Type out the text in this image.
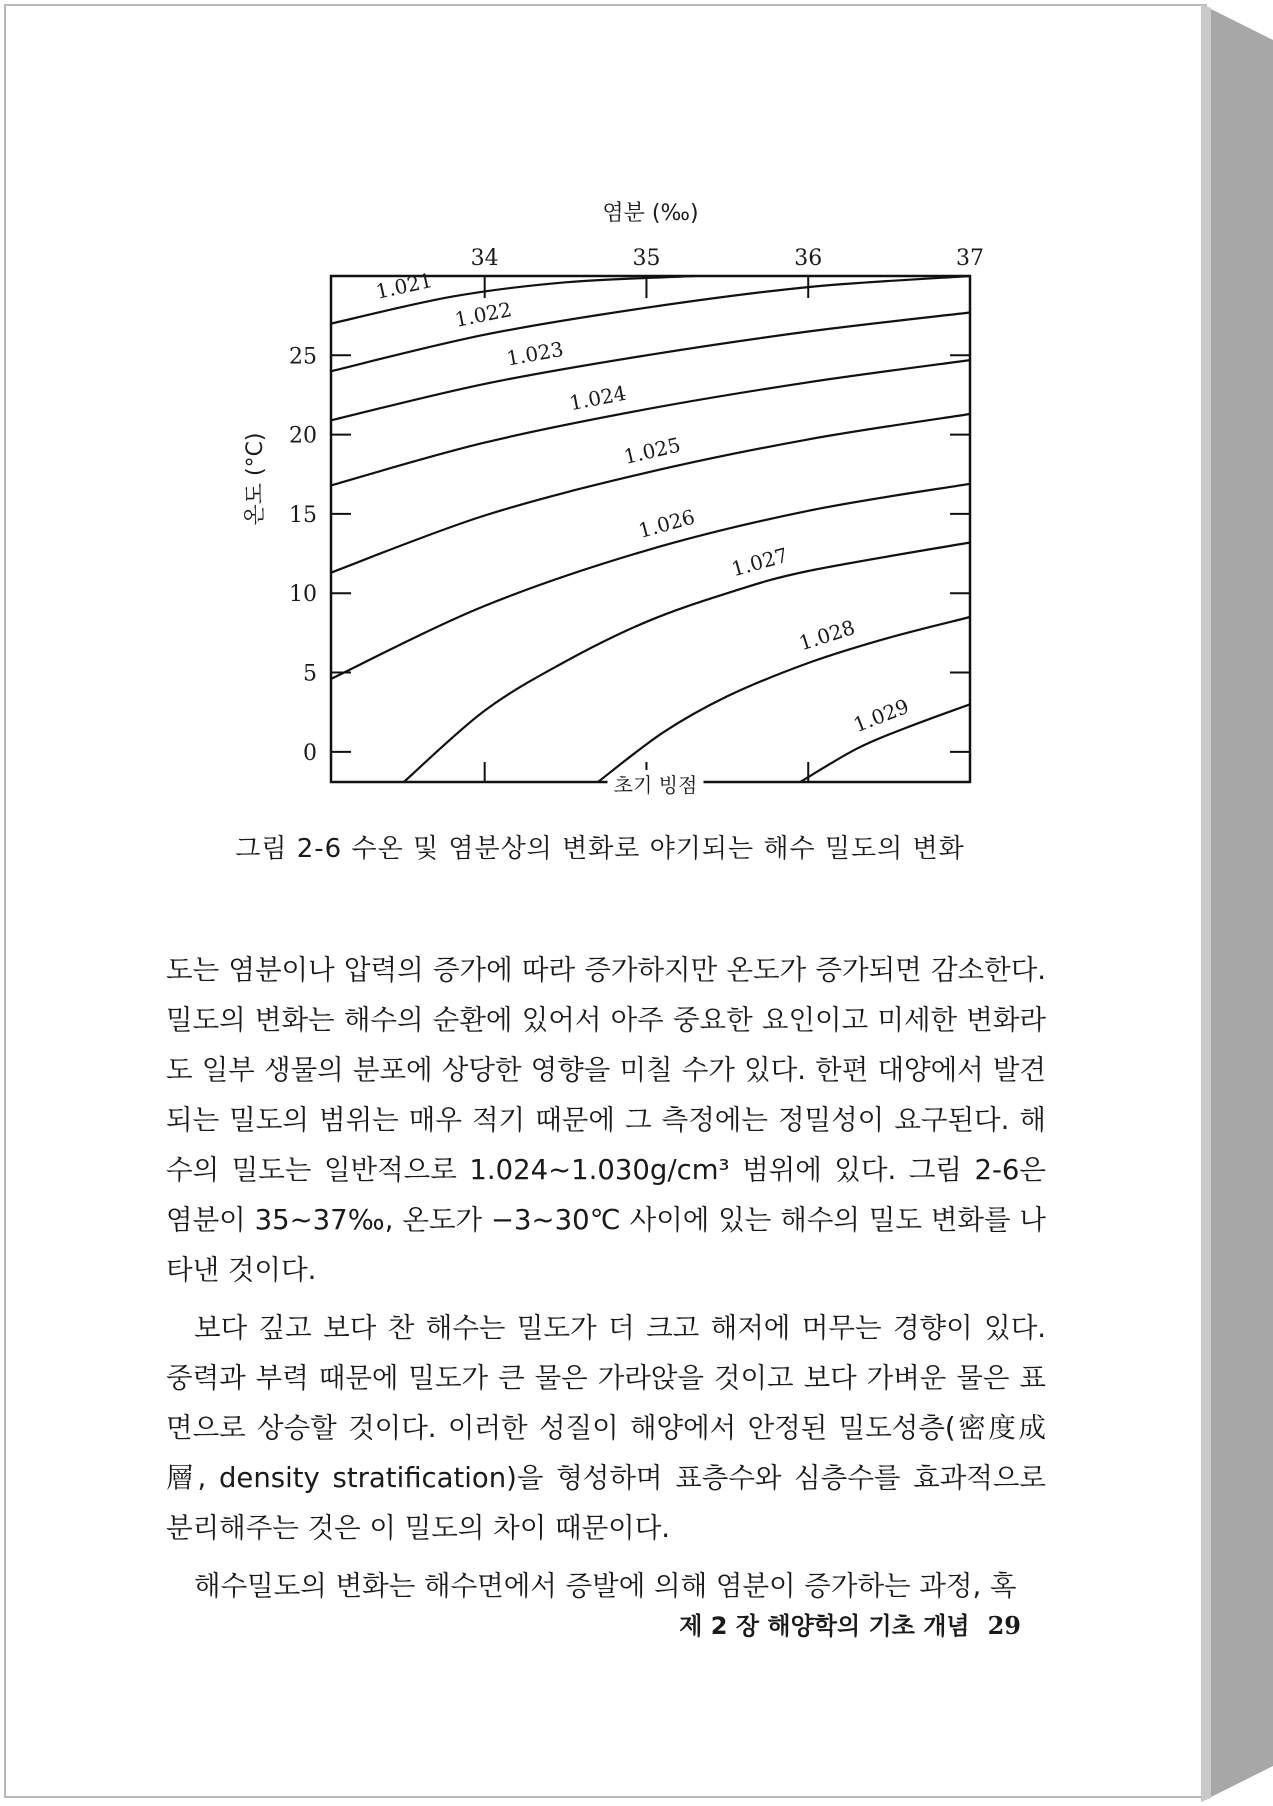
염분 (‰)
34	35	36	37
온도 (°C)
0
5
10
15
20
25
초기 빙점
1.021
1.022
1.023
1.024
1.025
1.026
1.027
1.028
1.029
그림 2-6 수온 및 염분상의 변화로 야기되는 해수 밀도의 변화

도는 염분이나 압력의 증가에 따라 증가하지만 온도가 증가되면 감소한다. 밀도의 변화는 해수의 순환에 있어서 아주 중요한 요인이고 미세한 변화라도 일부 생물의 분포에 상당한 영향을 미칠 수가 있다. 한편 대양에서 발견되는 밀도의 범위는 매우 적기 때문에 그 측정에는 정밀성이 요구된다. 해수의 밀도는 일반적으로 1.024~1.030g/cm³ 범위에 있다. 그림 2-6은 염분이 35~37‰, 온도가 −3~30℃ 사이에 있는 해수의 밀도 변화를 나타낸 것이다.

보다 깊고 보다 찬 해수는 밀도가 더 크고 해저에 머무는 경향이 있다. 중력과 부력 때문에 밀도가 큰 물은 가라앉을 것이고 보다 가벼운 물은 표면으로 상승할 것이다. 이러한 성질이 해양에서 안정된 밀도성층(密度成層, density stratification)을 형성하며 표층수와 심층수를 효과적으로 분리해주는 것은 이 밀도의 차이 때문이다.

해수밀도의 변화는 해수면에서 증발에 의해 염분이 증가하는 과정, 혹

제 2 장 해양학의 기초 개념 29
